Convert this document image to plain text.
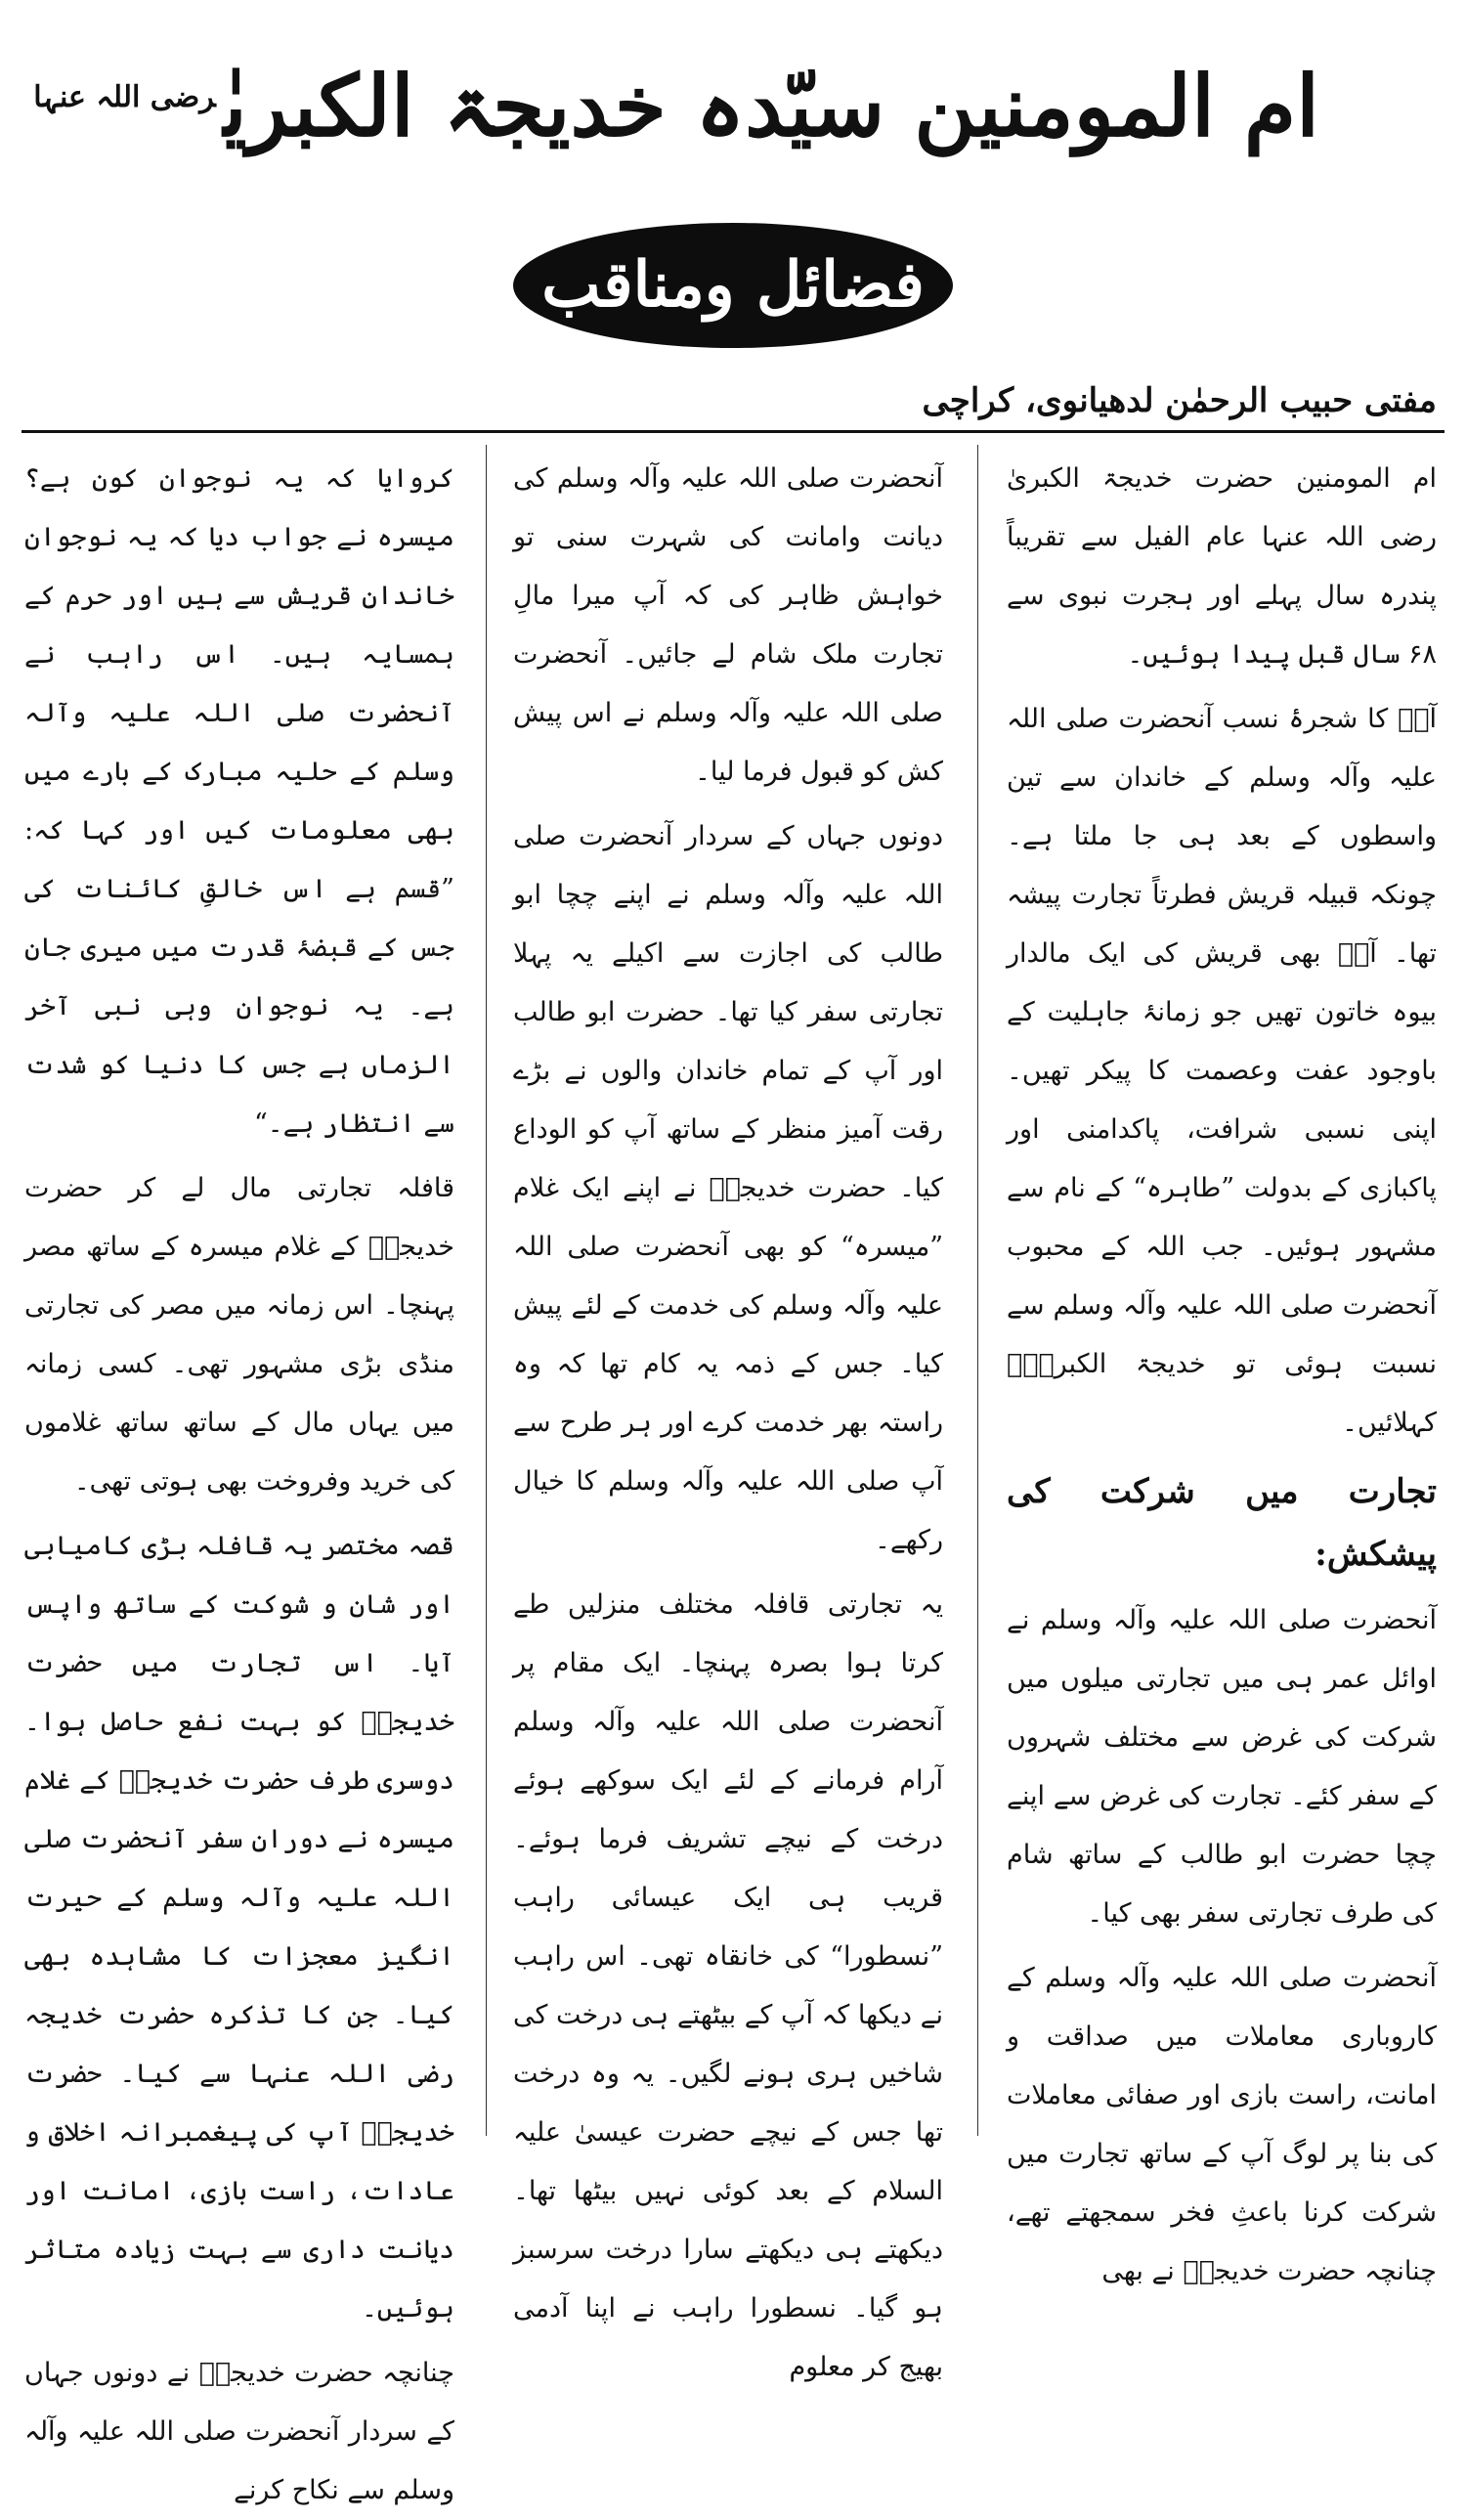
ام المومنین سیّدہ خدیجۃ الکبریٰ$^{رضی اللہ عنہا}$
فضائل ومناقب
مفتی حبیب الرحمٰن لدھیانوی، کراچی

ام المومنین حضرت خدیجۃ الکبریٰ رضی اللہ عنہا عام الفیل سے تقریباً پندرہ سال پہلے اور ہجرت نبوی سے ۶۸ سال قبل پیدا ہوئیں۔

آپؓ کا شجرۂ نسب آنحضرت صلی اللہ علیہ وآلہ وسلم کے خاندان سے تین واسطوں کے بعد ہی جا ملتا ہے۔ چونکہ قبیلہ قریش فطرتاً تجارت پیشہ تھا۔ آپؓ بھی قریش کی ایک مالدار بیوہ خاتون تھیں جو زمانۂ جاہلیت کے باوجود عفت وعصمت کا پیکر تھیں۔ اپنی نسبی شرافت، پاکدامنی اور پاکبازی کے بدولت ”طاہرہ“ کے نام سے مشہور ہوئیں۔ جب اللہ کے محبوب آنحضرت صلی اللہ علیہ وآلہ وسلم سے نسبت ہوئی تو خدیجۃ الکبریٰؓ کہلائیں۔

تجارت میں شرکت کی پیشکش:

آنحضرت صلی اللہ علیہ وآلہ وسلم نے اوائل عمر ہی میں تجارتی میلوں میں شرکت کی غرض سے مختلف شہروں کے سفر کئے۔ تجارت کی غرض سے اپنے چچا حضرت ابو طالب کے ساتھ شام کی طرف تجارتی سفر بھی کیا۔

آنحضرت صلی اللہ علیہ وآلہ وسلم کے کاروباری معاملات میں صداقت و امانت، راست بازی اور صفائی معاملات کی بنا پر لوگ آپ کے ساتھ تجارت میں شرکت کرنا باعثِ فخر سمجھتے تھے، چنانچہ حضرت خدیجہؓ نے بھی

آنحضرت صلی اللہ علیہ وآلہ وسلم کی دیانت وامانت کی شہرت سنی تو خواہش ظاہر کی کہ آپ میرا مالِ تجارت ملک شام لے جائیں۔ آنحضرت صلی اللہ علیہ وآلہ وسلم نے اس پیش کش کو قبول فرما لیا۔

دونوں جہاں کے سردار آنحضرت صلی اللہ علیہ وآلہ وسلم نے اپنے چچا ابو طالب کی اجازت سے اکیلے یہ پہلا تجارتی سفر کیا تھا۔ حضرت ابو طالب اور آپ کے تمام خاندان والوں نے بڑے رقت آمیز منظر کے ساتھ آپ کو الوداع کیا۔ حضرت خدیجہؓ نے اپنے ایک غلام ”میسرہ“ کو بھی آنحضرت صلی اللہ علیہ وآلہ وسلم کی خدمت کے لئے پیش کیا۔ جس کے ذمہ یہ کام تھا کہ وہ راستہ بھر خدمت کرے اور ہر طرح سے آپ صلی اللہ علیہ وآلہ وسلم کا خیال رکھے۔

یہ تجارتی قافلہ مختلف منزلیں طے کرتا ہوا بصرہ پہنچا۔ ایک مقام پر آنحضرت صلی اللہ علیہ وآلہ وسلم آرام فرمانے کے لئے ایک سوکھے ہوئے درخت کے نیچے تشریف فرما ہوئے۔ قریب ہی ایک عیسائی راہب ”نسطورا“ کی خانقاہ تھی۔ اس راہب نے دیکھا کہ آپ کے بیٹھتے ہی درخت کی شاخیں ہری ہونے لگیں۔ یہ وہ درخت تھا جس کے نیچے حضرت عیسیٰ علیہ السلام کے بعد کوئی نہیں بیٹھا تھا۔ دیکھتے ہی دیکھتے سارا درخت سرسبز ہو گیا۔ نسطورا راہب نے اپنا آدمی بھیج کر معلوم

کروایا کہ یہ نوجوان کون ہے؟ میسرہ نے جواب دیا کہ یہ نوجوان خاندانِ قریش سے ہیں اور حرم کے ہمسایہ ہیں۔ اس راہب نے آنحضرت صلی اللہ علیہ وآلہ وسلم کے حلیہ مبارک کے بارے میں بھی معلومات کیں اور کہا کہ: ”قسم ہے اس خالقِ کائنات کی جس کے قبضۂ قدرت میں میری جان ہے۔ یہ نوجوان وہی نبی آخر الزماں ہے جس کا دنیا کو شدت سے انتظار ہے۔“

قافلہ تجارتی مال لے کر حضرت خدیجہؓ کے غلام میسرہ کے ساتھ مصر پہنچا۔ اس زمانہ میں مصر کی تجارتی منڈی بڑی مشہور تھی۔ کسی زمانہ میں یہاں مال کے ساتھ ساتھ غلاموں کی خرید وفروخت بھی ہوتی تھی۔

قصہ مختصر یہ قافلہ بڑی کامیابی اور شان و شوکت کے ساتھ واپس آیا۔ اس تجارت میں حضرت خدیجہؓ کو بہت نفع حاصل ہوا۔ دوسری طرف حضرت خدیجہؓ کے غلام میسرہ نے دورانِ سفر آنحضرت صلی اللہ علیہ وآلہ وسلم کے حیرت انگیز معجزات کا مشاہدہ بھی کیا۔ جن کا تذکرہ حضرت خدیجہ رضی اللہ عنہا سے کیا۔ حضرت خدیجہؓ آپ کی پیغمبرانہ اخلاق و عادات، راست بازی، امانت اور دیانت داری سے بہت زیادہ متاثر ہوئیں۔

چنانچہ حضرت خدیجہؓ نے دونوں جہاں کے سردار آنحضرت صلی اللہ علیہ وآلہ وسلم سے نکاح کرنے
